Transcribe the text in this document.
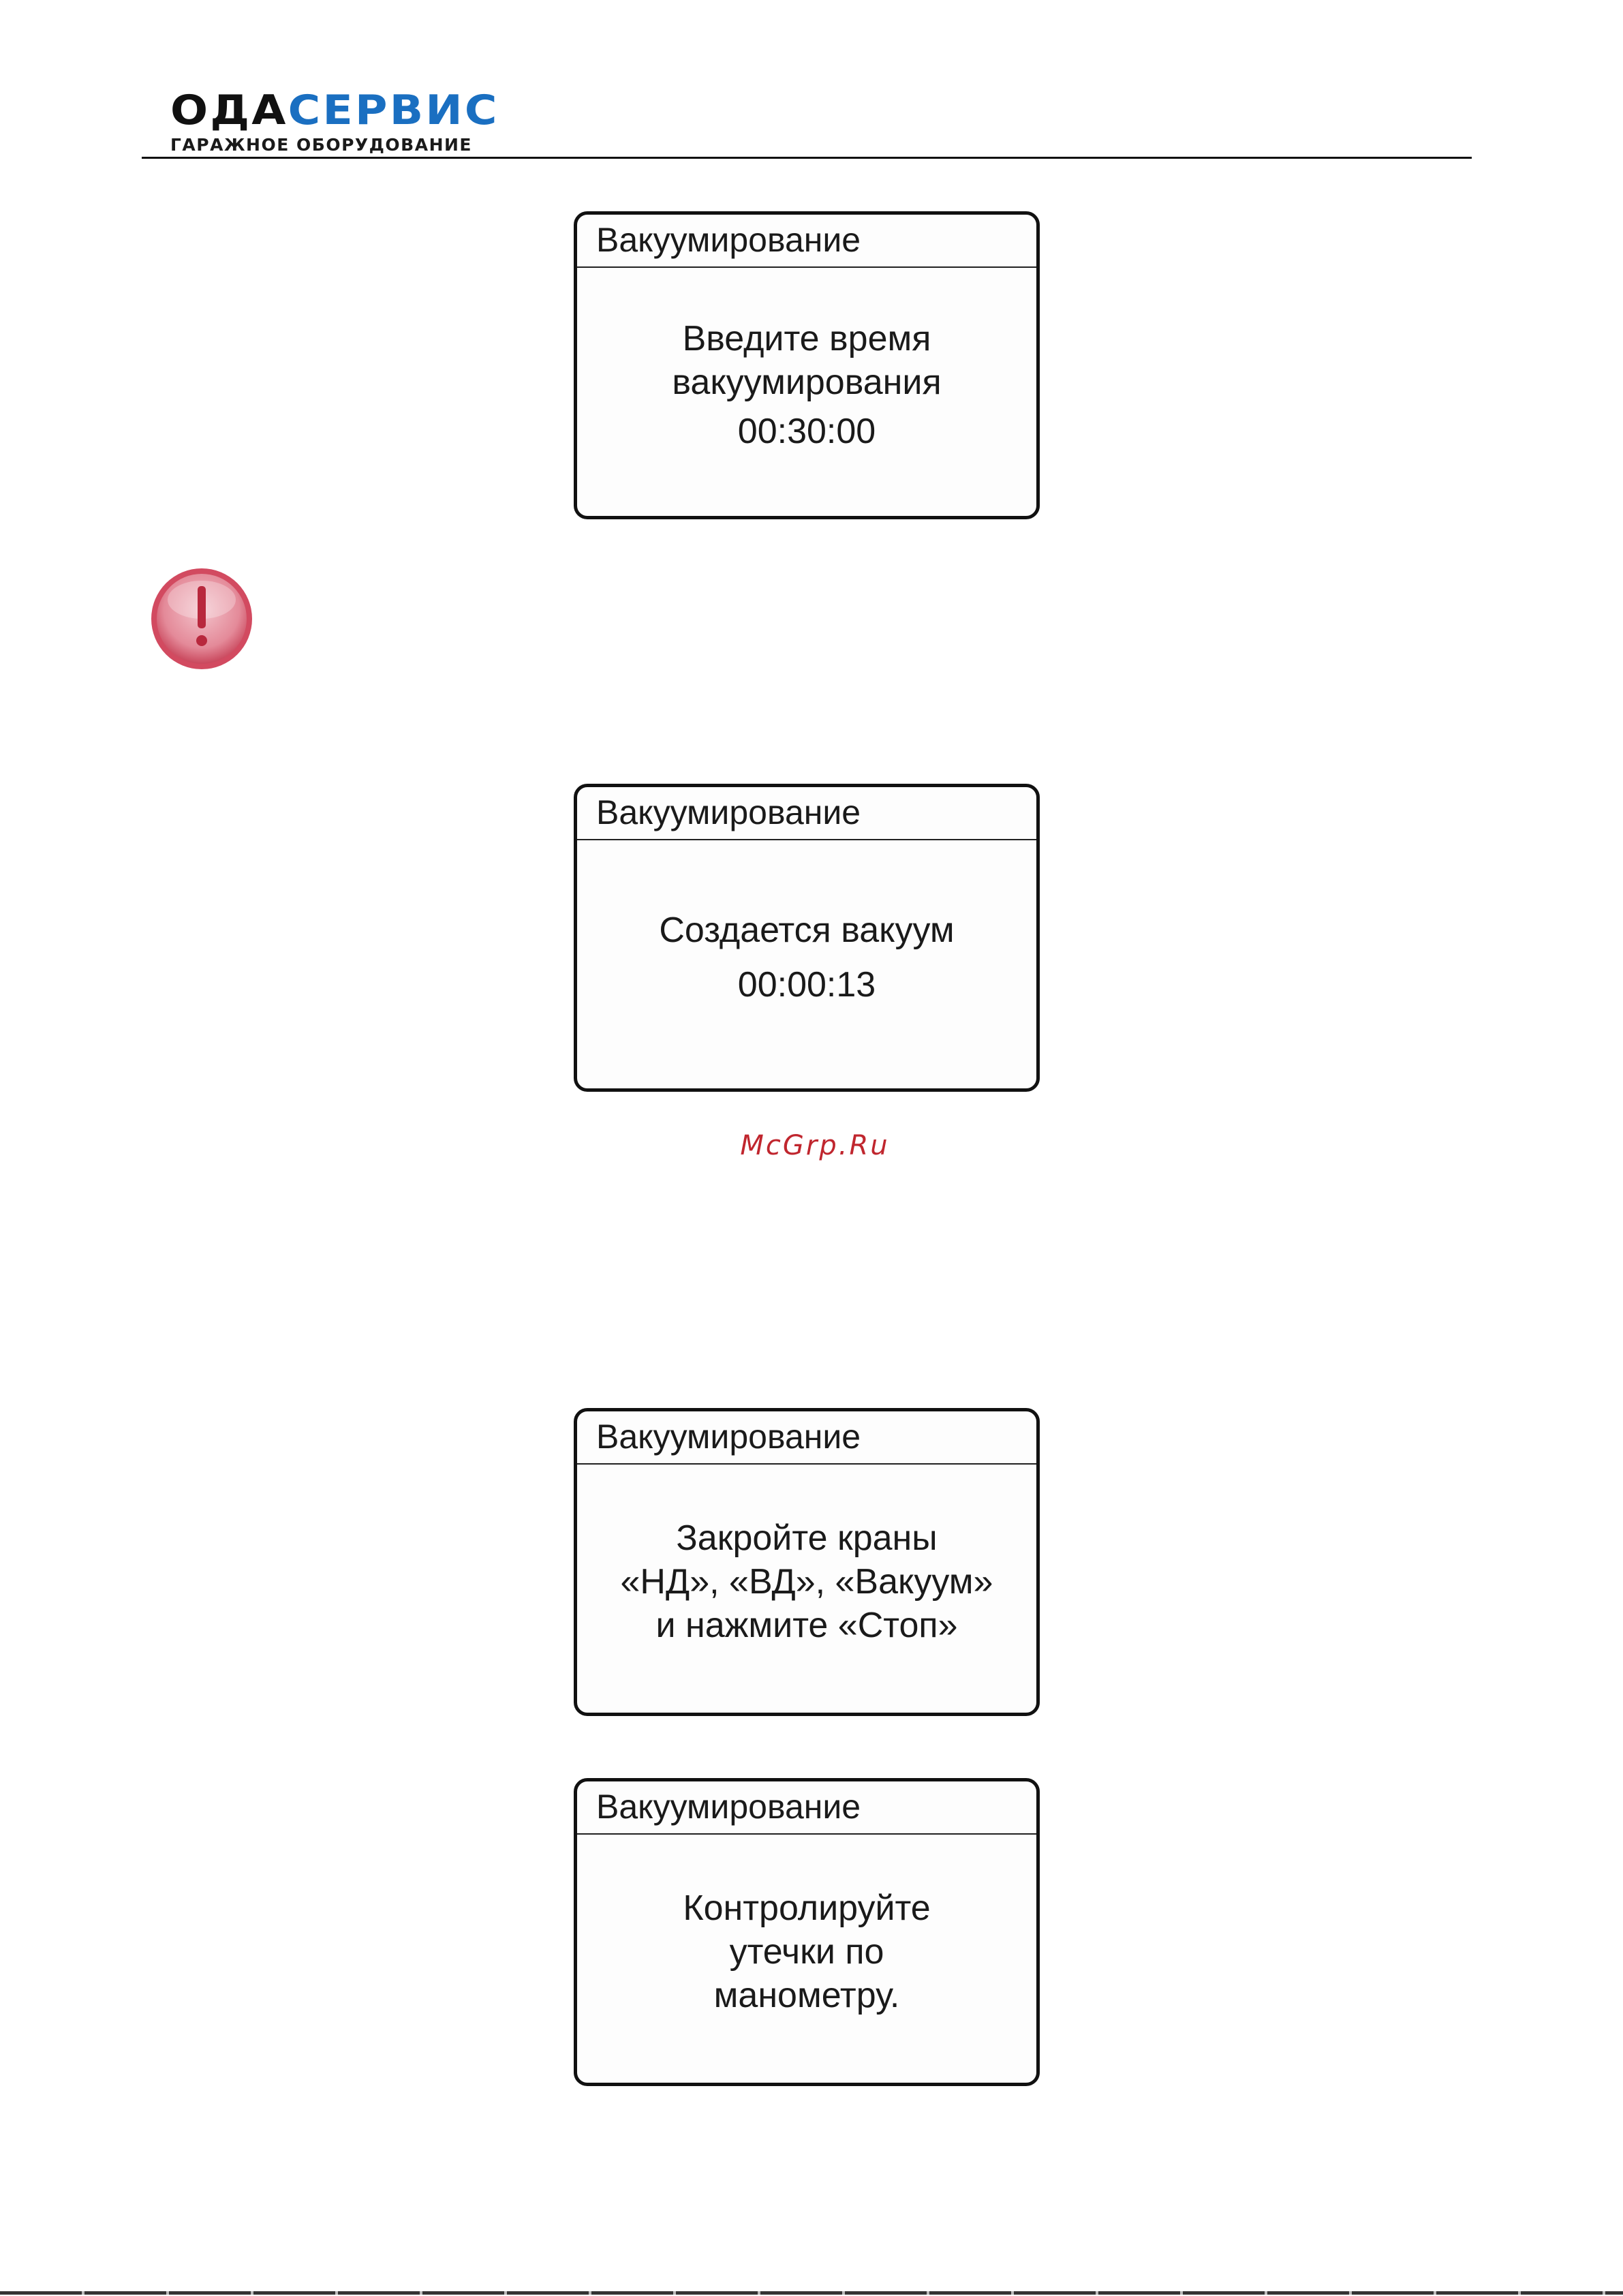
ОДАСЕРВИС
ГАРАЖНОЕ ОБОРУДОВАНИЕ
Вакуумирование
Введите время
вакуумирования
00:30:00
Вакуумирование
Создается вакуум
00:00:13
McGrp.Ru
Вакуумирование
Закройте краны
«НД», «ВД», «Вакуум»
и нажмите «Стоп»
Вакуумирование
Контролируйте
утечки по
манометру.
